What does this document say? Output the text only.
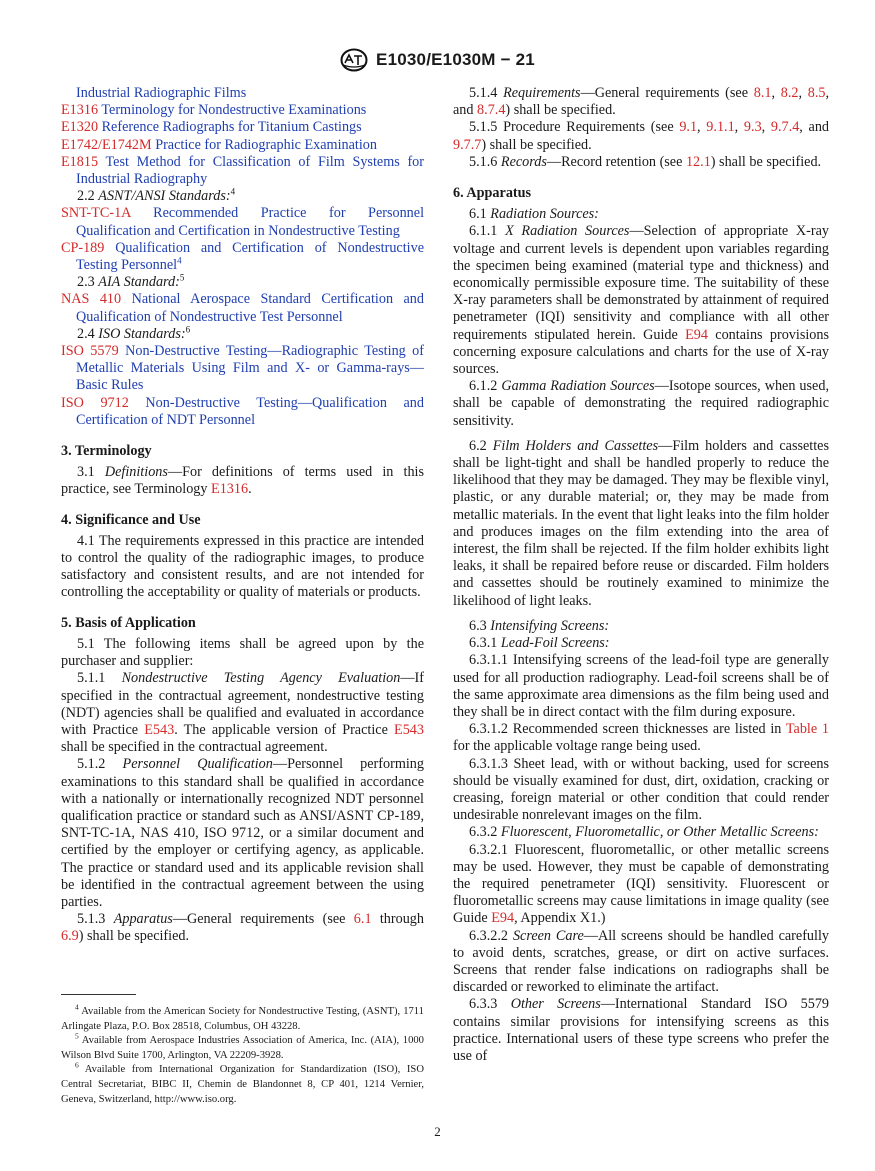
E1030/E1030M − 21

Industrial Radiographic Films

E1316 Terminology for Nondestructive Examinations

E1320 Reference Radiographs for Titanium Castings

E1742/E1742M Practice for Radiographic Examination

E1815 Test Method for Classification of Film Systems for Industrial Radiography

2.2 ASNT/ANSI Standards:$^4$

SNT-TC-1A Recommended Practice for Personnel Qualification and Certification in Nondestructive Testing

CP-189 Qualification and Certification of Nondestructive Testing Personnel$^4$

2.3 AIA Standard:$^5$

NAS 410 National Aerospace Standard Certification and Qualification of Nondestructive Test Personnel

2.4 ISO Standards:$^6$

ISO 5579 Non-Destructive Testing—Radiographic Testing of Metallic Materials Using Film and X- or Gamma-rays—Basic Rules

ISO 9712 Non-Destructive Testing—Qualification and Certification of NDT Personnel

3. Terminology

3.1 Definitions—For definitions of terms used in this practice, see Terminology E1316.

4. Significance and Use

4.1 The requirements expressed in this practice are intended to control the quality of the radiographic images, to produce satisfactory and consistent results, and are not intended for controlling the acceptability or quality of materials or products.

5. Basis of Application

5.1 The following items shall be agreed upon by the purchaser and supplier:

5.1.1 Nondestructive Testing Agency Evaluation—If specified in the contractual agreement, nondestructive testing (NDT) agencies shall be qualified and evaluated in accordance with Practice E543. The applicable version of Practice E543 shall be specified in the contractual agreement.

5.1.2 Personnel Qualification—Personnel performing examinations to this standard shall be qualified in accordance with a nationally or internationally recognized NDT personnel qualification practice or standard such as ANSI/ASNT CP-189, SNT-TC-1A, NAS 410, ISO 9712, or a similar document and certified by the employer or certifying agency, as applicable. The practice or standard used and its applicable revision shall be identified in the contractual agreement between the using parties.

5.1.3 Apparatus—General requirements (see 6.1 through 6.9) shall be specified.

$^4$ Available from the American Society for Nondestructive Testing, (ASNT), 1711 Arlingate Plaza, P.O. Box 28518, Columbus, OH 43228.

$^5$ Available from Aerospace Industries Association of America, Inc. (AIA), 1000 Wilson Blvd Suite 1700, Arlington, VA 22209-3928.

$^6$ Available from International Organization for Standardization (ISO), ISO Central Secretariat, BIBC II, Chemin de Blandonnet 8, CP 401, 1214 Vernier, Geneva, Switzerland, http://www.iso.org.

5.1.4 Requirements—General requirements (see 8.1, 8.2, 8.5, and 8.7.4) shall be specified.

5.1.5 Procedure Requirements (see 9.1, 9.1.1, 9.3, 9.7.4, and 9.7.7) shall be specified.

5.1.6 Records—Record retention (see 12.1) shall be specified.

6. Apparatus

6.1 Radiation Sources:

6.1.1 X Radiation Sources—Selection of appropriate X-ray voltage and current levels is dependent upon variables regarding the specimen being examined (material type and thickness) and economically permissible exposure time. The suitability of these X-ray parameters shall be demonstrated by attainment of required penetrameter (IQI) sensitivity and compliance with all other requirements stipulated herein. Guide E94 contains provisions concerning exposure calculations and charts for the use of X-ray sources.

6.1.2 Gamma Radiation Sources—Isotope sources, when used, shall be capable of demonstrating the required radiographic sensitivity.

6.2 Film Holders and Cassettes—Film holders and cassettes shall be light-tight and shall be handled properly to reduce the likelihood that they may be damaged. They may be flexible vinyl, plastic, or any durable material; or, they may be made from metallic materials. In the event that light leaks into the film holder and produces images on the film extending into the area of interest, the film shall be rejected. If the film holder exhibits light leaks, it shall be repaired before reuse or discarded. Film holders and cassettes should be routinely examined to minimize the likelihood of light leaks.

6.3 Intensifying Screens:

6.3.1 Lead-Foil Screens:

6.3.1.1 Intensifying screens of the lead-foil type are generally used for all production radiography. Lead-foil screens shall be of the same approximate area dimensions as the film being used and they shall be in direct contact with the film during exposure.

6.3.1.2 Recommended screen thicknesses are listed in Table 1 for the applicable voltage range being used.

6.3.1.3 Sheet lead, with or without backing, used for screens should be visually examined for dust, dirt, oxidation, cracking or creasing, foreign material or other condition that could render undesirable nonrelevant images on the film.

6.3.2 Fluorescent, Fluorometallic, or Other Metallic Screens:

6.3.2.1 Fluorescent, fluorometallic, or other metallic screens may be used. However, they must be capable of demonstrating the required penetrameter (IQI) sensitivity. Fluorescent or fluorometallic screens may cause limitations in image quality (see Guide E94, Appendix X1.)

6.3.2.2 Screen Care—All screens should be handled carefully to avoid dents, scratches, grease, or dirt on active surfaces. Screens that render false indications on radiographs shall be discarded or reworked to eliminate the artifact.

6.3.3 Other Screens—International Standard ISO 5579 contains similar provisions for intensifying screens as this practice. International users of these type screens who prefer the use of

2
